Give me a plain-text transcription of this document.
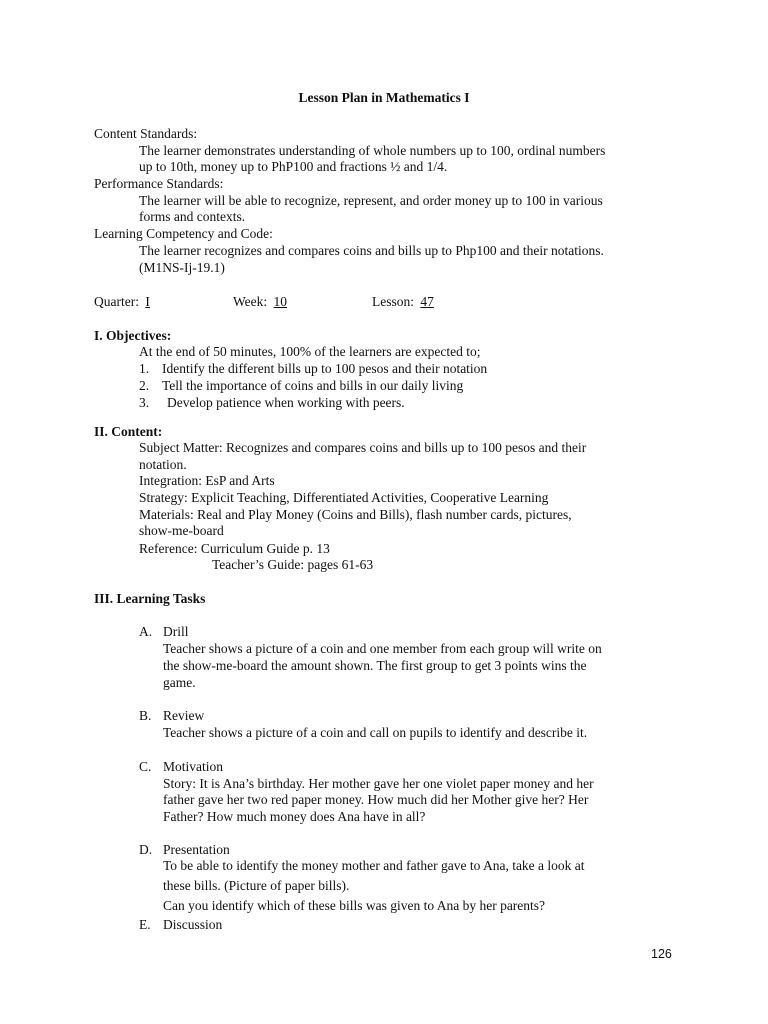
Lesson Plan in Mathematics I
Content Standards:
The learner demonstrates understanding of whole numbers up to 100, ordinal numbers
up to 10th, money up to PhP100 and fractions ½ and 1/4.
Performance Standards:
The learner will be able to recognize, represent, and order money up to 100 in various
forms and contexts.
Learning Competency and Code:
The learner recognizes and compares coins and bills up to Php100 and their notations.
(M1NS-Ij-19.1)
Quarter: I	Week: 10	Lesson: 47
I. Objectives:
At the end of 50 minutes, 100% of the learners are expected to;
1. Identify the different bills up to 100 pesos and their notation
2. Tell the importance of coins and bills in our daily living
3. Develop patience when working with peers.
II. Content:
Subject Matter: Recognizes and compares coins and bills up to 100 pesos and their
notation.
Integration: EsP and Arts
Strategy: Explicit Teaching, Differentiated Activities, Cooperative Learning
Materials: Real and Play Money (Coins and Bills), flash number cards, pictures,
show-me-board
Reference: Curriculum Guide p. 13
Teacher’s Guide: pages 61-63
III. Learning Tasks
A. Drill
Teacher shows a picture of a coin and one member from each group will write on
the show-me-board the amount shown. The first group to get 3 points wins the
game.
B. Review
Teacher shows a picture of a coin and call on pupils to identify and describe it.
C. Motivation
Story: It is Ana’s birthday. Her mother gave her one violet paper money and her
father gave her two red paper money. How much did her Mother give her? Her
Father? How much money does Ana have in all?
D. Presentation
To be able to identify the money mother and father gave to Ana, take a look at
these bills. (Picture of paper bills).
Can you identify which of these bills was given to Ana by her parents?
E. Discussion
126
